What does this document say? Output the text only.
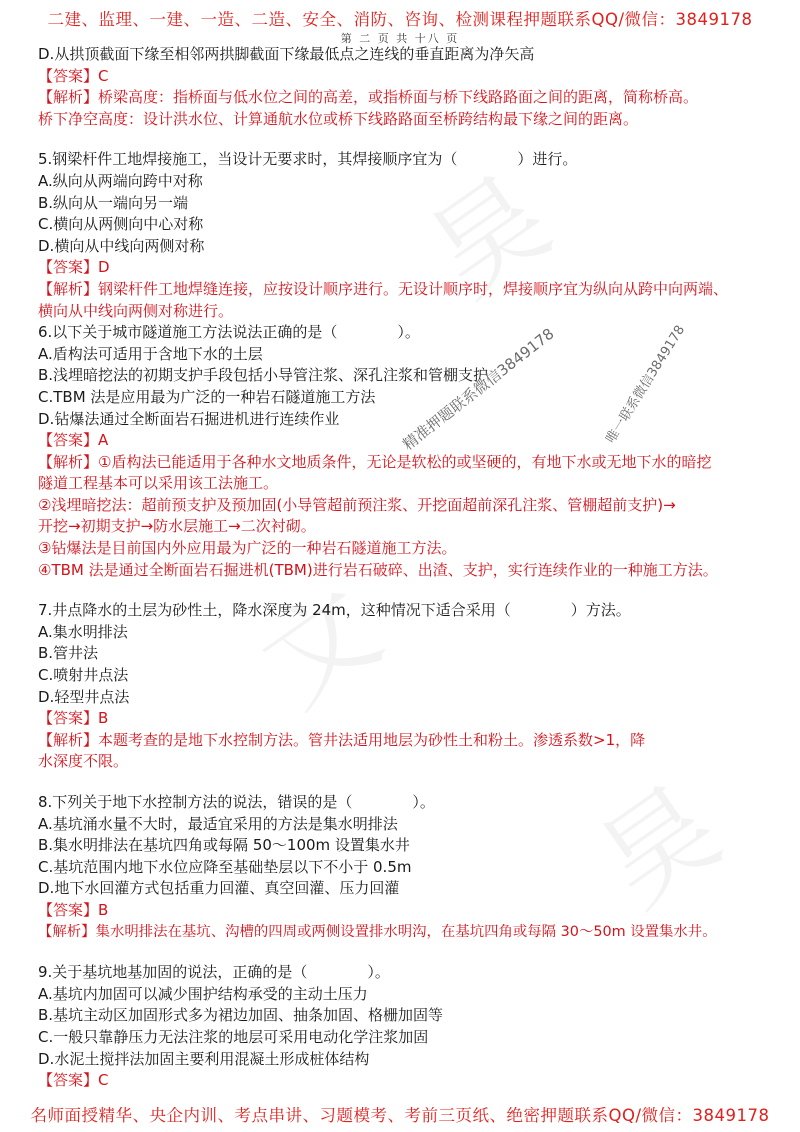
昊
文
昊
二建、监理、一建、一造、二造、安全、消防、咨询、检测课程押题联系QQ/微信：3849178
第 二 页 共 十八 页
D.从拱顶截面下缘至相邻两拱脚截面下缘最低点之连线的垂直距离为净矢高
【答案】C
【解析】桥梁高度：指桥面与低水位之间的高差，或指桥面与桥下线路路面之间的距离，简称桥高。
桥下净空高度：设计洪水位、计算通航水位或桥下线路路面至桥跨结构最下缘之间的距离。
5.钢梁杆件工地焊接施工，当设计无要求时，其焊接顺序宜为（　　　　）进行。
A.纵向从两端向跨中对称
B.纵向从一端向另一端
C.横向从两侧向中心对称
D.横向从中线向两侧对称
【答案】D
【解析】钢梁杆件工地焊缝连接，应按设计顺序进行。无设计顺序时，焊接顺序宜为纵向从跨中向两端、
横向从中线向两侧对称进行。
6.以下关于城市隧道施工方法说法正确的是（　　　　）。
A.盾构法可适用于含地下水的土层
B.浅埋暗挖法的初期支护手段包括小导管注浆、深孔注浆和管棚支护
C.TBM 法是应用最为广泛的一种岩石隧道施工方法
D.钻爆法通过全断面岩石掘进机进行连续作业
【答案】A
【解析】①盾构法已能适用于各种水文地质条件，无论是软松的或坚硬的，有地下水或无地下水的暗挖
隧道工程基本可以采用该工法施工。
②浅埋暗挖法：超前预支护及预加固(小导管超前预注浆、开挖面超前深孔注浆、管棚超前支护)→
开挖→初期支护→防水层施工→二次衬砌。
③钻爆法是目前国内外应用最为广泛的一种岩石隧道施工方法。
④TBM 法是通过全断面岩石掘进机(TBM)进行岩石破碎、出渣、支护，实行连续作业的一种施工方法。
7.井点降水的土层为砂性土，降水深度为 24m，这种情况下适合采用（　　　　）方法。
A.集水明排法
B.管井法
C.喷射井点法
D.轻型井点法
【答案】B
【解析】本题考查的是地下水控制方法。管井法适用地层为砂性土和粉土。渗透系数>1，降
水深度不限。
8.下列关于地下水控制方法的说法，错误的是（　　　　）。
A.基坑涌水量不大时，最适宜采用的方法是集水明排法
B.集水明排法在基坑四角或每隔 50～100m 设置集水井
C.基坑范围内地下水位应降至基础垫层以下不小于 0.5m
D.地下水回灌方式包括重力回灌、真空回灌、压力回灌
【答案】B
【解析】集水明排法在基坑、沟槽的四周或两侧设置排水明沟，在基坑四角或每隔 30～50m 设置集水井。
9.关于基坑地基加固的说法，正确的是（　　　　）。
A.基坑内加固可以减少围护结构承受的主动土压力
B.基坑主动区加固形式多为裙边加固、抽条加固、格栅加固等
C.一般只靠静压力无法注浆的地层可采用电动化学注浆加固
D.水泥土搅拌法加固主要利用混凝土形成桩体结构
【答案】C
精准押题联系微信3849178	唯一联系微信3849178
名师面授精华、央企内训、考点串讲、习题模考、考前三页纸、绝密押题联系QQ/微信：3849178
